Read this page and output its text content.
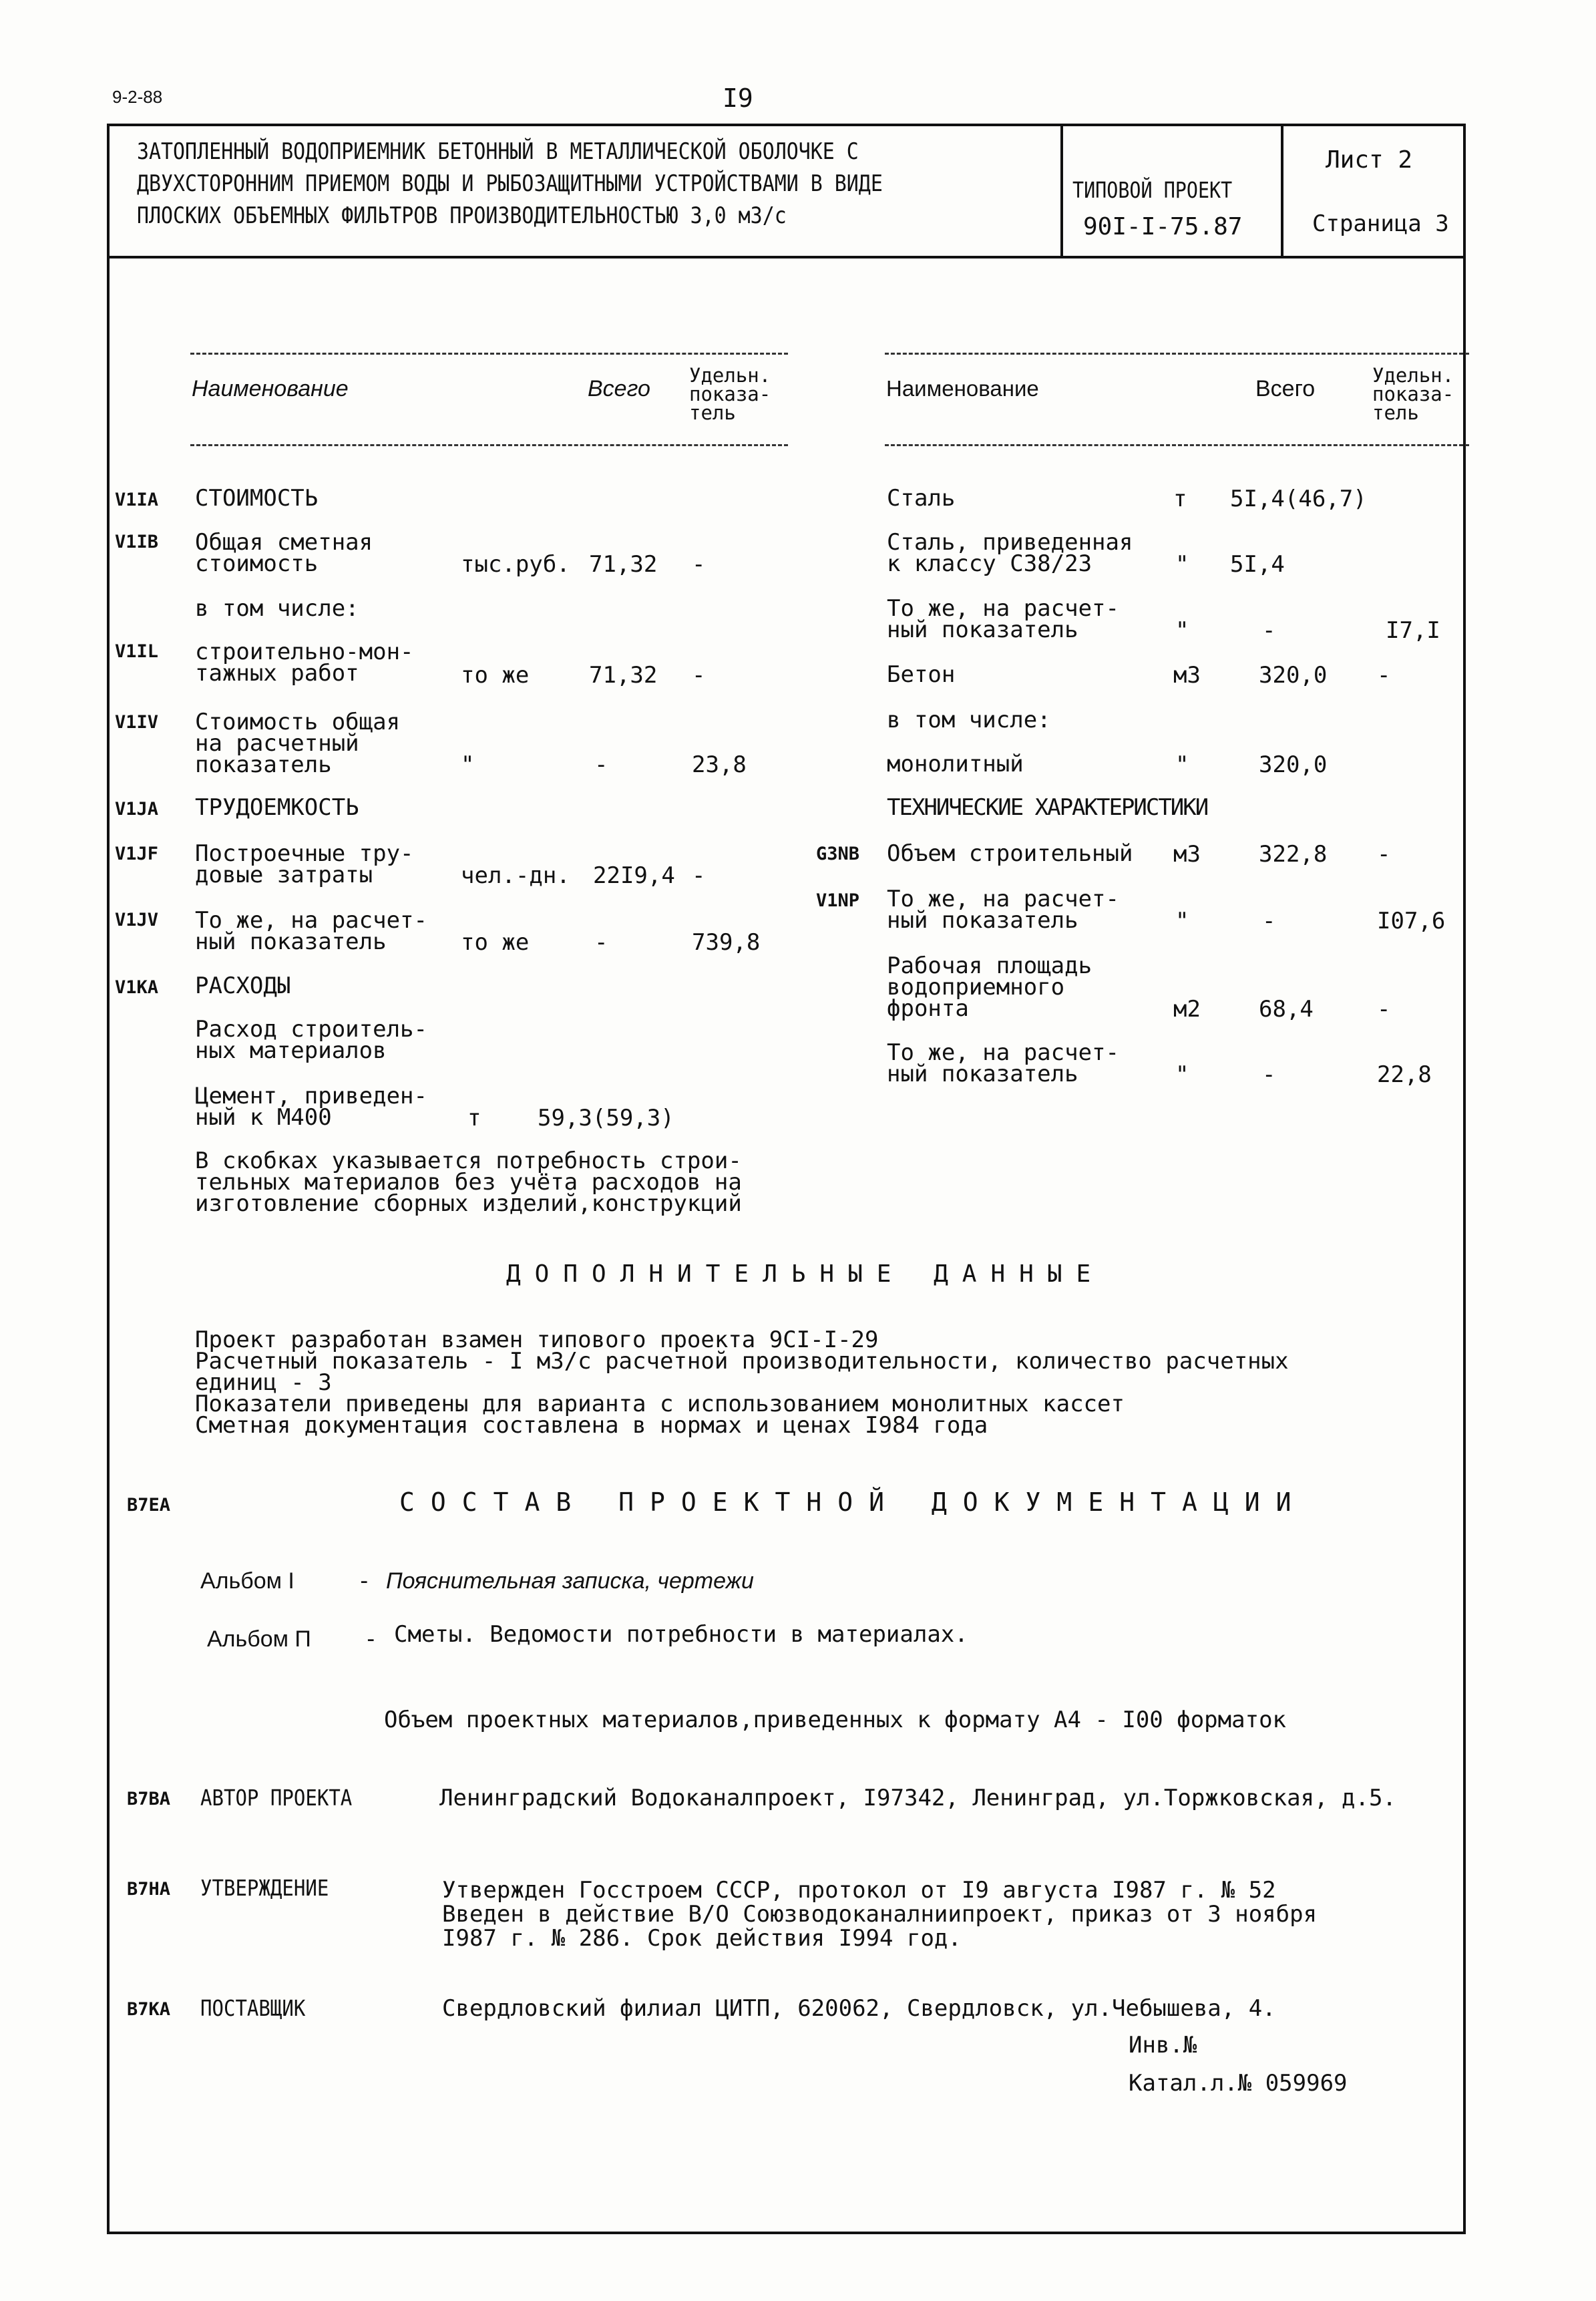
9-2-88	I9
ЗАТОПЛЕННЫЙ ВОДОПРИЕМНИК БЕТОННЫЙ В МЕТАЛЛИЧЕСКОЙ ОБОЛОЧКЕ С
ДВУХСТОРОННИМ ПРИЕМОМ ВОДЫ И РЫБОЗАЩИТНЫМИ УСТРОЙСТВАМИ В ВИДЕ
ПЛОСКИХ ОБЪЕМНЫХ ФИЛЬТРОВ ПРОИЗВОДИТЕЛЬНОСТЬЮ 3,0 м3/с
ТИПОВОЙ ПРОЕКТ
90I-I-75.87
Лист 2
Страница 3
Наименование	Всего
Удельн.
показа-
тель
Наименование	Всего
Удельн.
показа-
тель
V1IA СТОИМОСТЬ
V1IB Общая сметная
стоимость	тыс.руб. 71,32 -
в том числе:
V1IL строительно-мон-
тажных работ	то же	71,32 -
V1IV Стоимость общая
на расчетный
показатель	"	-	23,8
V1JA ТРУДОЕМКОСТЬ
V1JF Построечные тру-
довые затраты	чел.-дн. 22I9,4 -
V1JV То же, на расчет-
ный показатель	то же	-	739,8
V1KA РАСХОДЫ
Расход строитель-
ных материалов
Цемент, приведен-
ный к М400	т 59,3(59,3)
В скобках указывается потребность строи-
тельных материалов без учёта расходов на
изготовление сборных изделий,конструкций
Сталь	т 5I,4(46,7)
Сталь, приведенная
к классу С38/23	" 5I,4
То же, на расчет-
ный показатель	"	-	I7,I
Бетон	м3	320,0 -
в том числе:
монолитный	"	320,0
ТЕХНИЧЕСКИЕ ХАРАКТЕРИСТИКИ
G3NB Объем строительный м3	322,8 -
V1NP То же, на расчет-
ный показатель	"	-	I07,6
Рабочая площадь
водоприемного
фронта	м2	68,4	-
То же, на расчет-
ный показатель	"	-	22,8
ДОПОЛНИТЕЛЬНЫЕ ДАННЫЕ
Проект разработан взамен типового проекта 9СI-I-29
Расчетный показатель - I м3/с расчетной производительности, количество расчетных
единиц - 3
Показатели приведены для варианта с использованием монолитных кассет
Сметная документация составлена в нормах и ценах I984 года
B7EA	СОСТАВ ПРОЕКТНОЙ ДОКУМЕНТАЦИИ
Альбом I	- Пояснительная записка, чертежи
Альбом П - Сметы. Ведомости потребности в материалах.
Объем проектных материалов,приведенных к формату А4 - I00 форматок
B7BA АВТОР ПРОЕКТА	Ленинградский Водоканалпроект, I97342, Ленинград, ул.Торжковская, д.5.
B7HA УТВЕРЖДЕНИЕ	Утвержден Госстроем СССР, протокол от I9 августа I987 г. № 52
Введен в действие В/О Союзводоканалниипроект, приказ от 3 ноября
I987 г. № 286. Срок действия I994 год.
B7KA ПОСТАВЩИК	Свердловский филиал ЦИТП, 620062, Свердловск, ул.Чебышева, 4.
Инв.№
Катал.л.№ 059969
